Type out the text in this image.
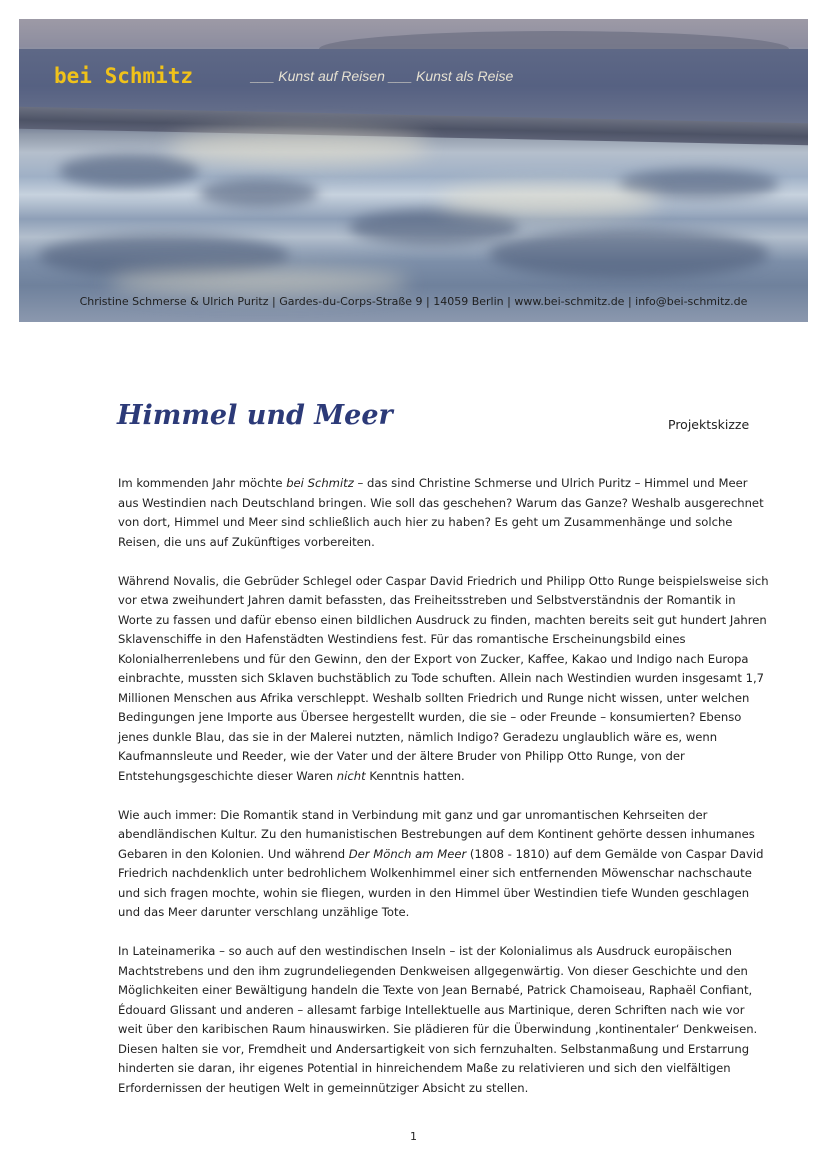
bei Schmitz	___ Kunst auf Reisen ___ Kunst als Reise
Christine Schmerse & Ulrich Puritz | Gardes-du-Corps-Straße 9 | 14059 Berlin | www.bei-schmitz.de | info@bei-schmitz.de
Himmel und Meer	Projektskizze

Im kommenden Jahr möchte bei Schmitz – das sind Christine Schmerse und Ulrich Puritz – Himmel und Meer aus Westindien nach Deutschland bringen. Wie soll das geschehen? Warum das Ganze? Weshalb ausgerechnet von dort, Himmel und Meer sind schließlich auch hier zu haben? Es geht um Zusammenhänge und solche Reisen, die uns auf Zukünftiges vorbereiten.

Während Novalis, die Gebrüder Schlegel oder Caspar David Friedrich und Philipp Otto Runge beispielsweise sich vor etwa zweihundert Jahren damit befassten, das Freiheitsstreben und Selbstverständnis der Romantik in Worte zu fassen und dafür ebenso einen bildlichen Ausdruck zu finden, machten bereits seit gut hundert Jahren Sklavenschiffe in den Hafenstädten Westindiens fest. Für das romantische Erscheinungsbild eines Kolonialherrenlebens und für den Gewinn, den der Export von Zucker, Kaffee, Kakao und Indigo nach Europa einbrachte, mussten sich Sklaven buchstäblich zu Tode schuften. Allein nach Westindien wurden insgesamt 1,7 Millionen Menschen aus Afrika verschleppt. Weshalb sollten Friedrich und Runge nicht wissen, unter welchen Bedingungen jene Importe aus Übersee hergestellt wurden, die sie – oder Freunde – konsumierten? Ebenso jenes dunkle Blau, das sie in der Malerei nutzten, nämlich Indigo? Geradezu unglaublich wäre es, wenn Kaufmannsleute und Reeder, wie der Vater und der ältere Bruder von Philipp Otto Runge, von der Entstehungsgeschichte dieser Waren nicht Kenntnis hatten.

Wie auch immer: Die Romantik stand in Verbindung mit ganz und gar unromantischen Kehrseiten der abendländischen Kultur. Zu den humanistischen Bestrebungen auf dem Kontinent gehörte dessen inhumanes Gebaren in den Kolonien. Und während Der Mönch am Meer (1808 - 1810) auf dem Gemälde von Caspar David Friedrich nachdenklich unter bedrohlichem Wolkenhimmel einer sich entfernenden Möwenschar nachschaute und sich fragen mochte, wohin sie fliegen, wurden in den Himmel über Westindien tiefe Wunden geschlagen und das Meer darunter verschlang unzählige Tote.

In Lateinamerika – so auch auf den westindischen Inseln – ist der Kolonialimus als Ausdruck europäischen Machtstrebens und den ihm zugrundeliegenden Denkweisen allgegenwärtig. Von dieser Geschichte und den Möglichkeiten einer Bewältigung handeln die Texte von Jean Bernabé, Patrick Chamoiseau, Raphaël Confiant, Édouard Glissant und anderen – allesamt farbige Intellektuelle aus Martinique, deren Schriften nach wie vor weit über den karibischen Raum hinauswirken. Sie plädieren für die Überwindung ‚kontinentaler‘ Denkweisen. Diesen halten sie vor, Fremdheit und Andersartigkeit von sich fernzuhalten. Selbstanmaßung und Erstarrung hinderten sie daran, ihr eigenes Potential in hinreichendem Maße zu relativieren und sich den vielfältigen Erfordernissen der heutigen Welt in gemeinnütziger Absicht zu stellen.

1
